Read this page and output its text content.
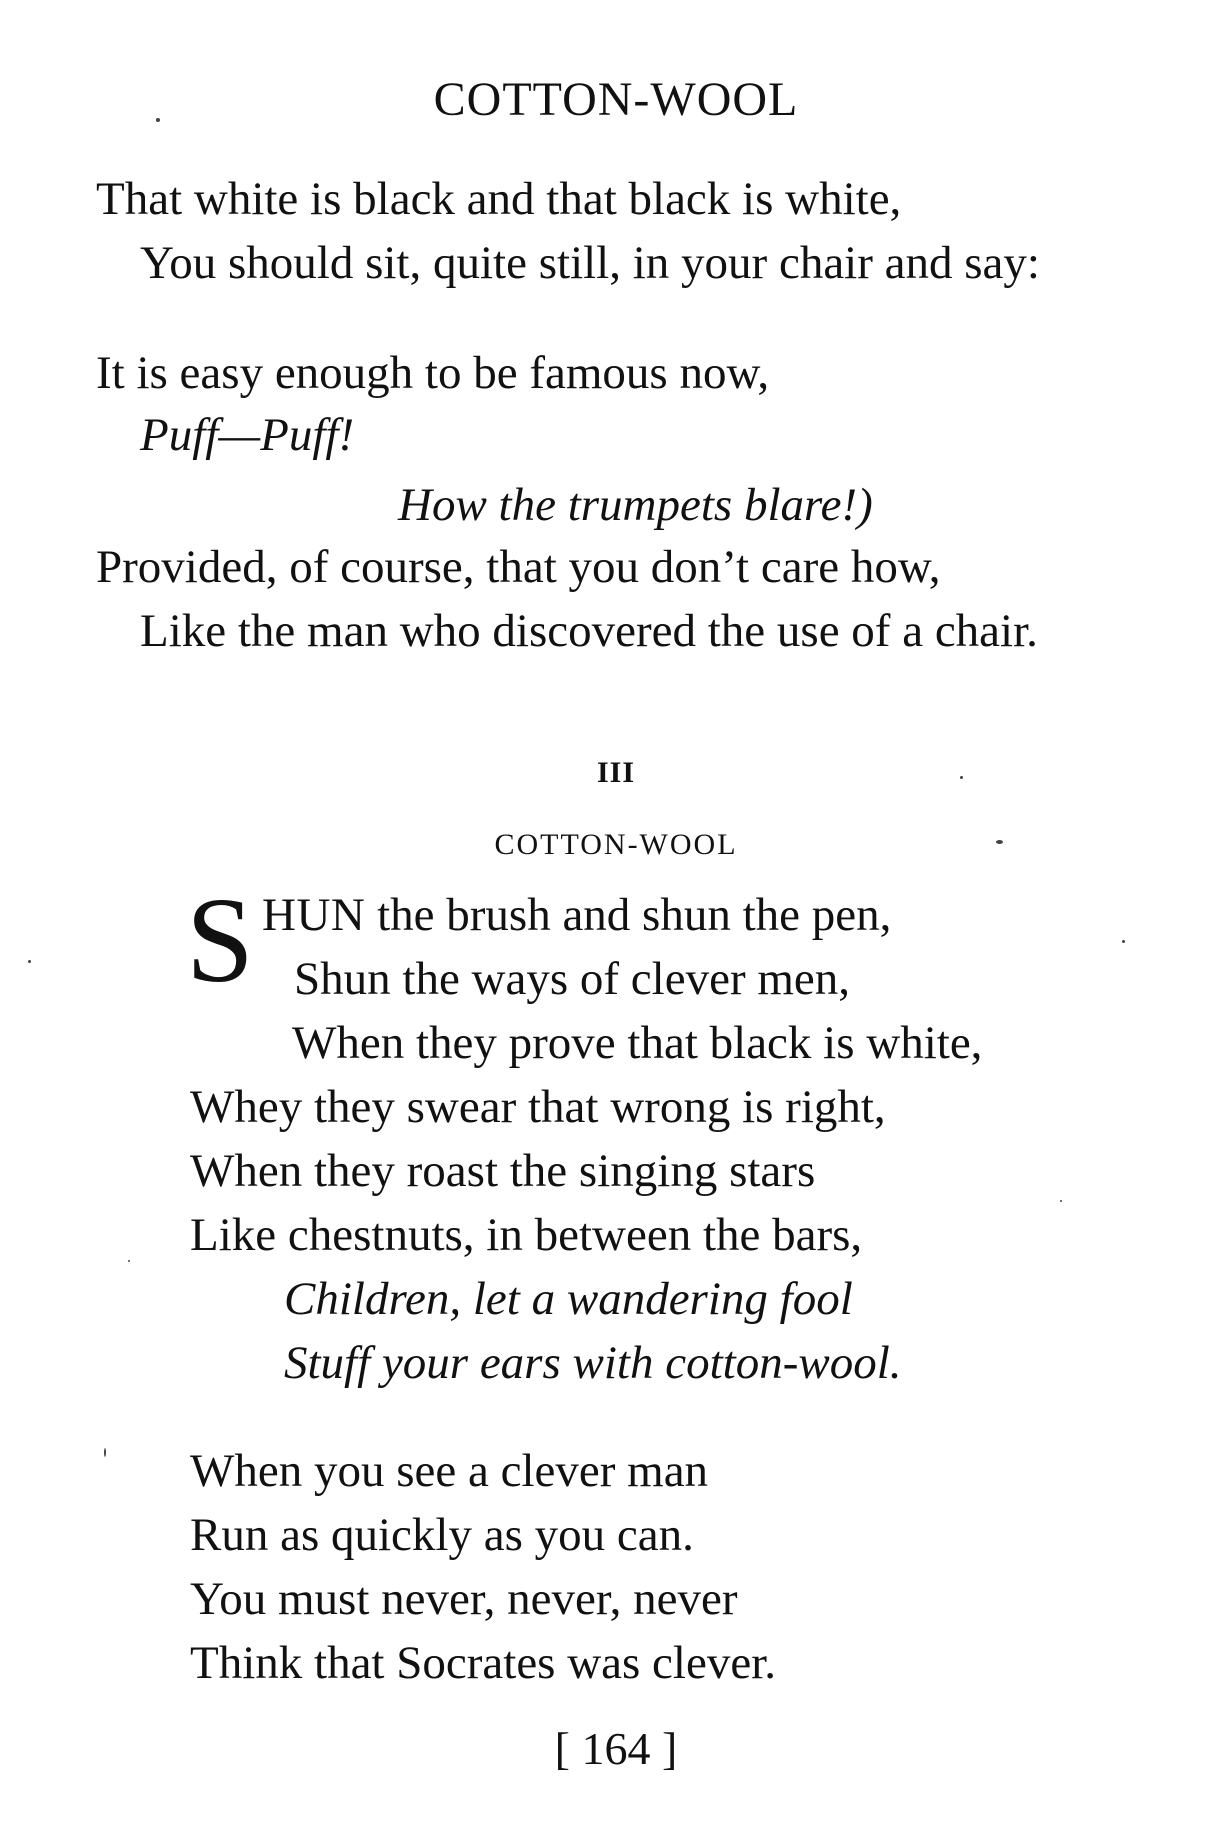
COTTON-WOOL
That white is black and that black is white,
You should sit, quite still, in your chair and say:
It is easy enough to be famous now,
Puff—Puff!
How the trumpets blare!)
Provided, of course, that you don’t care how,
Like the man who discovered the use of a chair.
III
COTTON-WOOL
S HUN the brush and shun the pen,
Shun the ways of clever men,
When they prove that black is white,
Whey they swear that wrong is right,
When they roast the singing stars
Like chestnuts, in between the bars,
Children, let a wandering fool
Stuff your ears with cotton-wool.
When you see a clever man
Run as quickly as you can.
You must never, never, never
Think that Socrates was clever.
[ 164 ]
